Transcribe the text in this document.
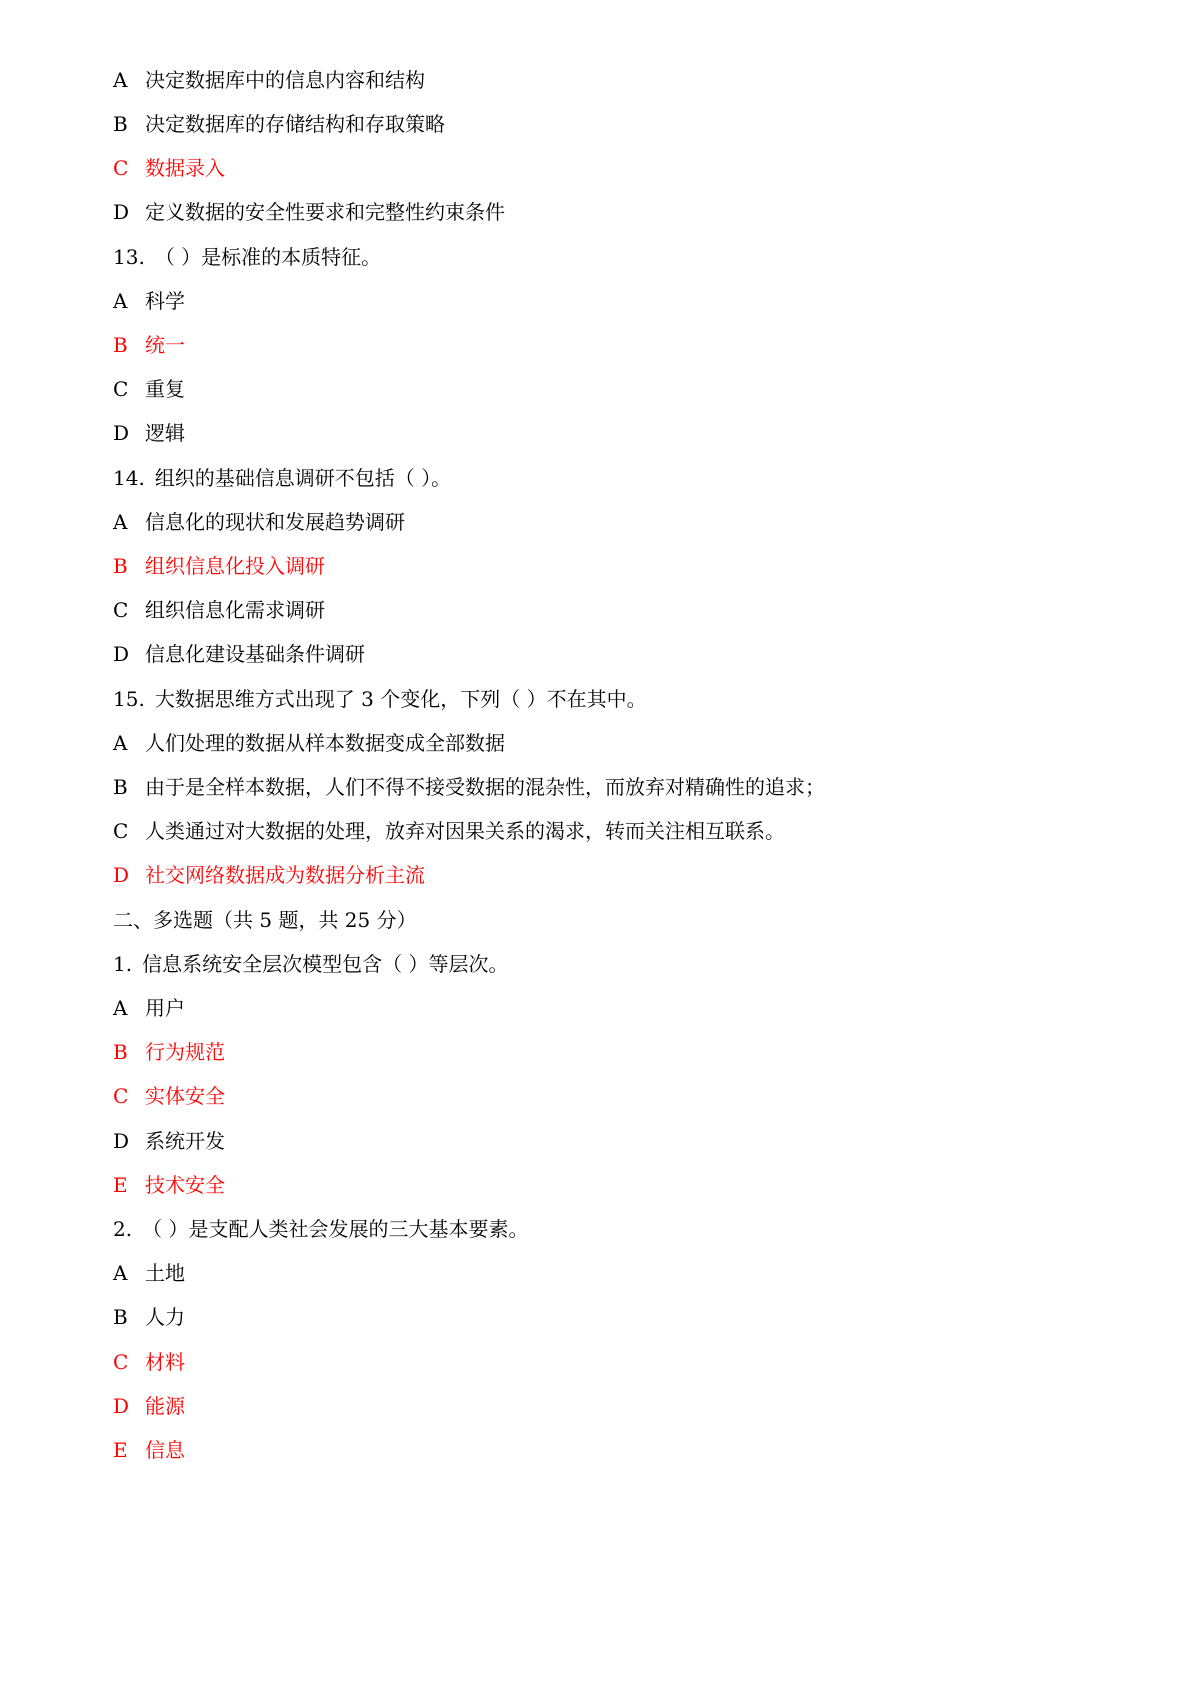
A 决定数据库中的信息内容和结构
B 决定数据库的存储结构和存取策略
C 数据录入
D 定义数据的安全性要求和完整性约束条件
13. （ ）是标准的本质特征。
A 科学
B 统一
C 重复
D 逻辑
14. 组织的基础信息调研不包括（ ）。
A 信息化的现状和发展趋势调研
B 组织信息化投入调研
C 组织信息化需求调研
D 信息化建设基础条件调研
15. 大数据思维方式出现了 3 个变化，下列（ ）不在其中。
A 人们处理的数据从样本数据变成全部数据
B 由于是全样本数据，人们不得不接受数据的混杂性，而放弃对精确性的追求；
C 人类通过对大数据的处理，放弃对因果关系的渴求，转而关注相互联系。
D 社交网络数据成为数据分析主流
二、多选题（共 5 题，共 25 分）
1. 信息系统安全层次模型包含（ ）等层次。
A 用户
B 行为规范
C 实体安全
D 系统开发
E 技术安全
2. （ ）是支配人类社会发展的三大基本要素。
A 土地
B 人力
C 材料
D 能源
E 信息
